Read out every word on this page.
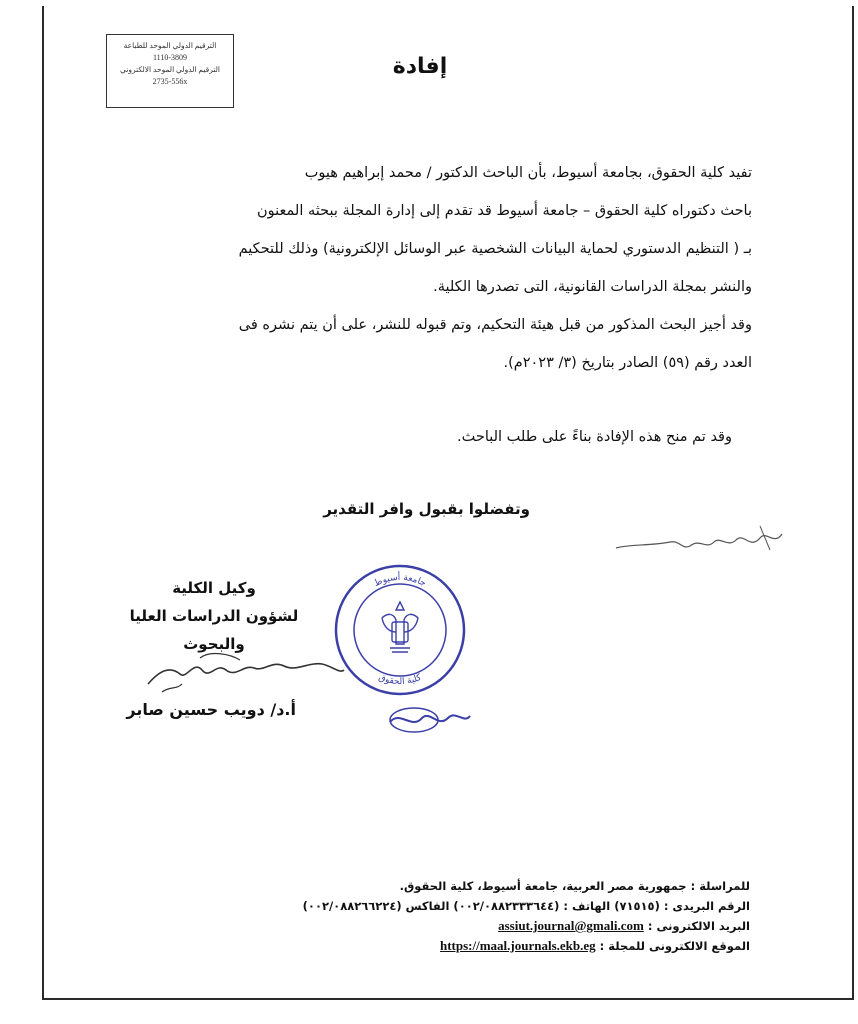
الترقيم الدولي الموحد للطباعة
1110-3809
الترقيم الدولي الموحد الالكتروني
2735-556x
إفادة

تفيد كلية الحقوق، بجامعة أسيوط، بأن الباحث الدكتور / محمد إبراهيم هيوب

باحث دكتوراه كلية الحقوق – جامعة أسيوط قد تقدم إلى إدارة المجلة ببحثه المعنون

بـ ( التنظيم الدستوري لحماية البيانات الشخصية عبر الوسائل الإلكترونية) وذلك للتحكيم

والنشر بمجلة الدراسات القانونية، التى تصدرها الكلية.

وقد أجيز البحث المذكور من قبل هيئة التحكيم، وتم قبوله للنشر، على أن يتم نشره فى

العدد رقم (٥٩) الصادر بتاريخ (٣/ ٢٠٢٣م).

وقد تم منح هذه الإفادة بناءً على طلب الباحث.

وتفضلوا بقبول وافر التقدير
وكيل الكلية
لشؤون الدراسات العليا والبحوث
جامعة أسيوط
كلية الحقوق
أ.د/ دويب حسين صابر
للمراسلة : جمهورية مصر العربية، جامعة أسيوط، كلية الحقوق.
الرقم البريدى : (٧١٥١٥) الهاتف : (٠٠٢/٠٨٨٢٣٣٣٦٤٤) الفاكس (٠٠٢/٠٨٨٢٦٦٢٢٤)
البريد الالكترونى : assiut.journal@gmali.com
الموقع الالكترونى للمجلة : https://maal.journals.ekb.eg
